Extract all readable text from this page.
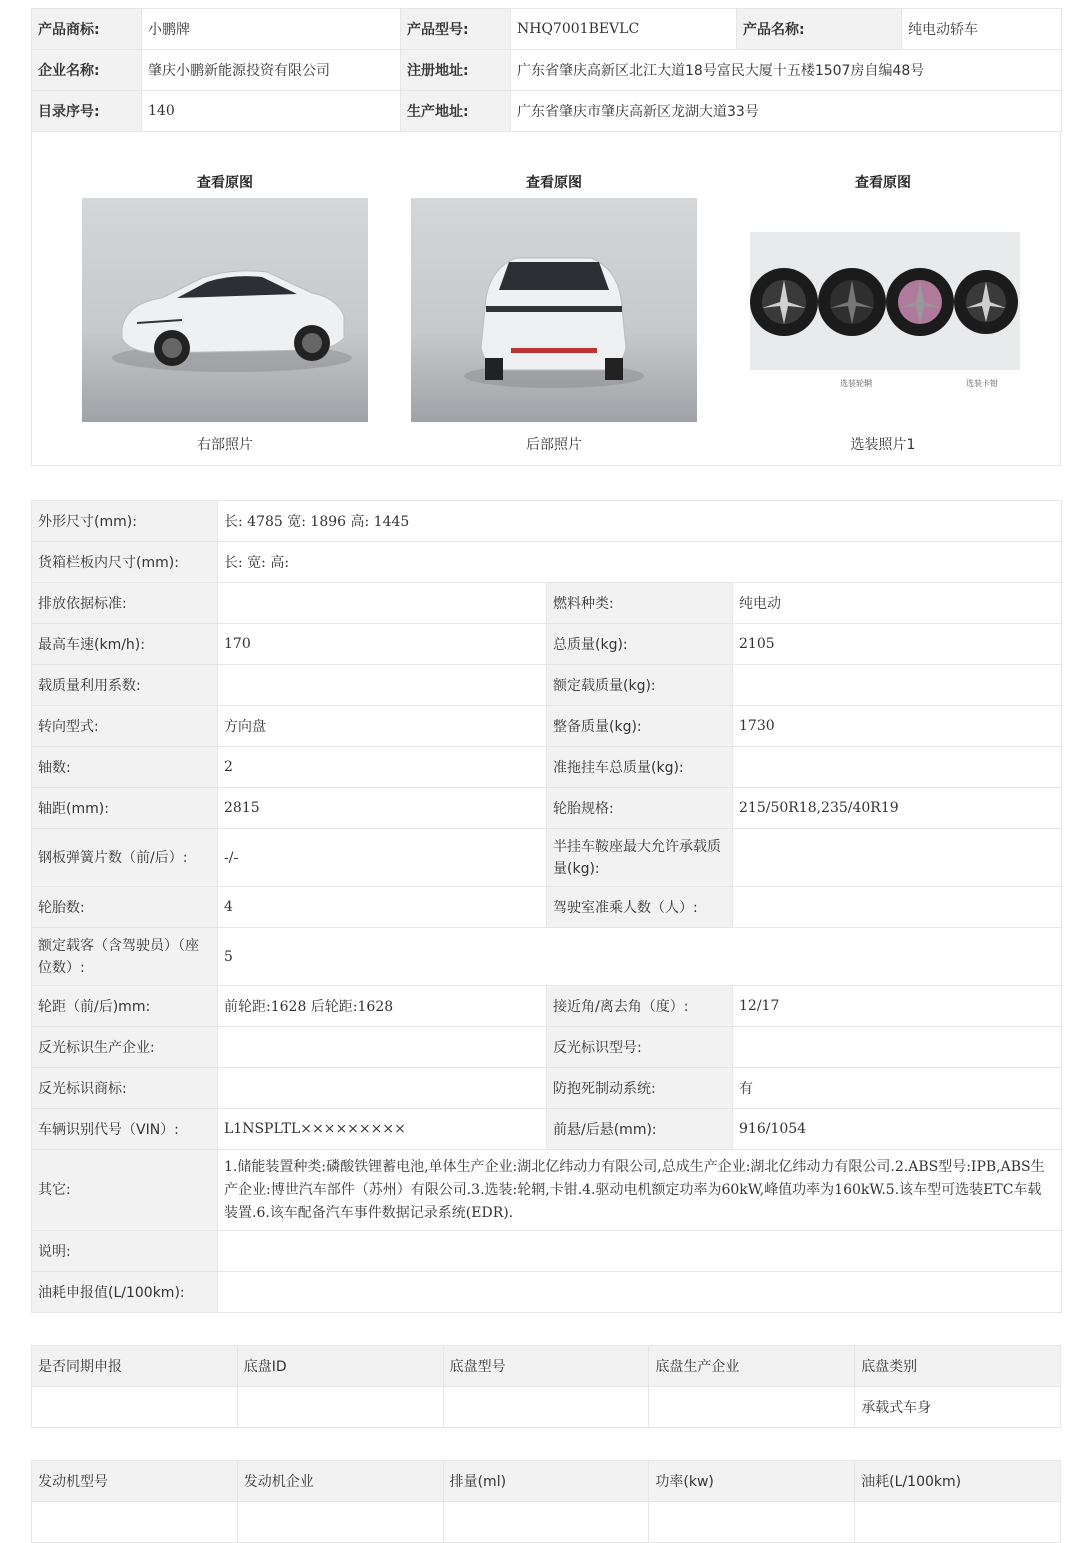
产品商标:	小鹏牌	产品型号:	NHQ7001BEVLC	产品名称:	纯电动轿车
企业名称:	肇庆小鹏新能源投资有限公司	注册地址:	广东省肇庆高新区北江大道18号富民大厦十五楼1507房自编48号		
目录序号:	140	生产地址:	广东省肇庆市肇庆高新区龙湖大道33号		
查看原图
右部照片
查看原图
后部照片
查看原图
选装轮辋	选装卡钳
选装照片1
外形尺寸(mm):	长: 4785 宽: 1896 高: 1445		
货箱栏板内尺寸(mm):	长: 宽: 高:		
排放依据标准:		燃料种类:	纯电动
最高车速(km/h):	170	总质量(kg):	2105
载质量利用系数:		额定载质量(kg):	
转向型式:	方向盘	整备质量(kg):	1730
轴数:	2	准拖挂车总质量(kg):	
轴距(mm):	2815	轮胎规格:	215/50R18,235/40R19
钢板弹簧片数（前/后）:	-/-	半挂车鞍座最大允许承载质量(kg):	
轮胎数:	4	驾驶室准乘人数（人）:	
额定载客（含驾驶员）（座位数）:	5		
轮距（前/后)mm:	前轮距:1628 后轮距:1628	接近角/离去角（度）:	12/17
反光标识生产企业:		反光标识型号:	
反光标识商标:		防抱死制动系统:	有
车辆识别代号（VIN）:	L1NSPLTL×××××××××	前悬/后悬(mm):	916/1054
其它:	1.储能装置种类:磷酸铁锂蓄电池,单体生产企业:湖北亿纬动力有限公司,总成生产企业:湖北亿纬动力有限公司.2.ABS型号:IPB,ABS生产企业:博世汽车部件（苏州）有限公司.3.选装:轮辋,卡钳.4.驱动电机额定功率为60kW,峰值功率为160kW.5.该车型可选装ETC车载装置.6.该车配备汽车事件数据记录系统(EDR).		
说明:			
油耗申报值(L/100km):			
是否同期申报	底盘ID	底盘型号	底盘生产企业	底盘类别
				承载式车身
发动机型号	发动机企业	排量(ml)	功率(kw)	油耗(L/100km)
